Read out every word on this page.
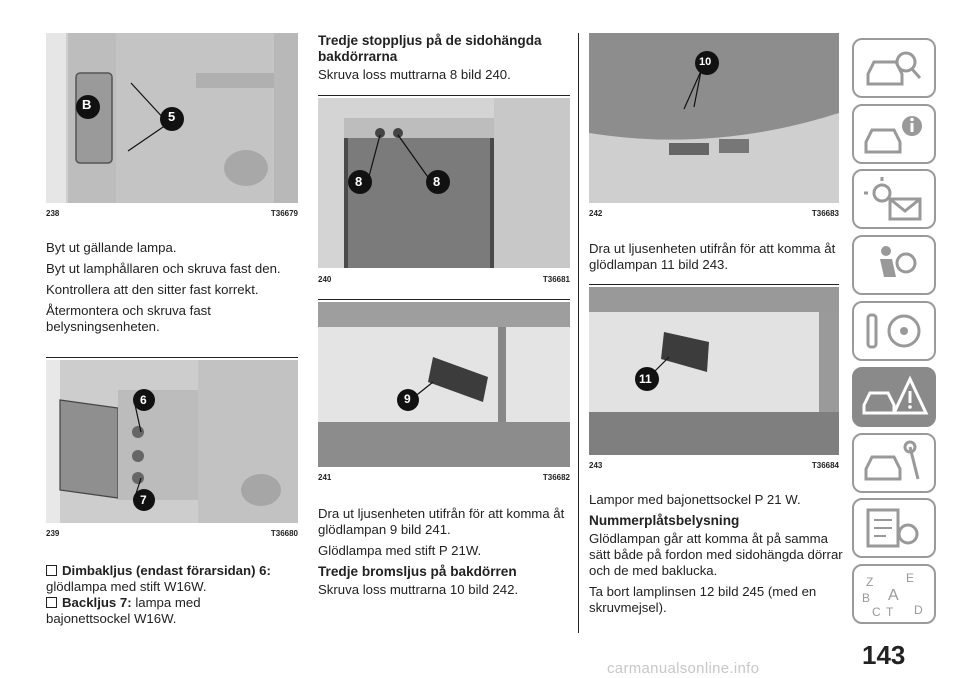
B
5
238	T36679

Byt ut gällande lampa.

Byt ut lamphållaren och skruva fast den.

Kontrollera att den sitter fast korrekt.

Återmontera och skruva fast belysningsenheten.

6
7
239	T36680
Dimbakljus (endast förarsidan) 6:
glödlampa med stift W16W.
Backljus 7: lampa med
bajonettsockel W16W.
Tredje stoppljus på de sidohängda bakdörrarna

Skruva loss muttrarna 8 bild 240.

8	8
240	T36681
9
241	T36682

Dra ut ljusenheten utifrån för att komma åt glödlampan 9 bild 241.

Glödlampa med stift P 21W.

Tredje bromsljus på bakdörren

Skruva loss muttrarna 10 bild 242.

10
242	T36683

Dra ut ljusenheten utifrån för att komma åt glödlampan 11 bild 243.

11
243	T36684

Lampor med bajonettsockel P 21 W.

Nummerplåtsbelysning

Glödlampan går att komma åt på samma sätt både på fordon med sidohängda dörrar och de med baklucka.

Ta bort lamplinsen 12 bild 245 (med en skruvmejsel).

Z	E
B A
C T D
143
carmanualsonline.info
